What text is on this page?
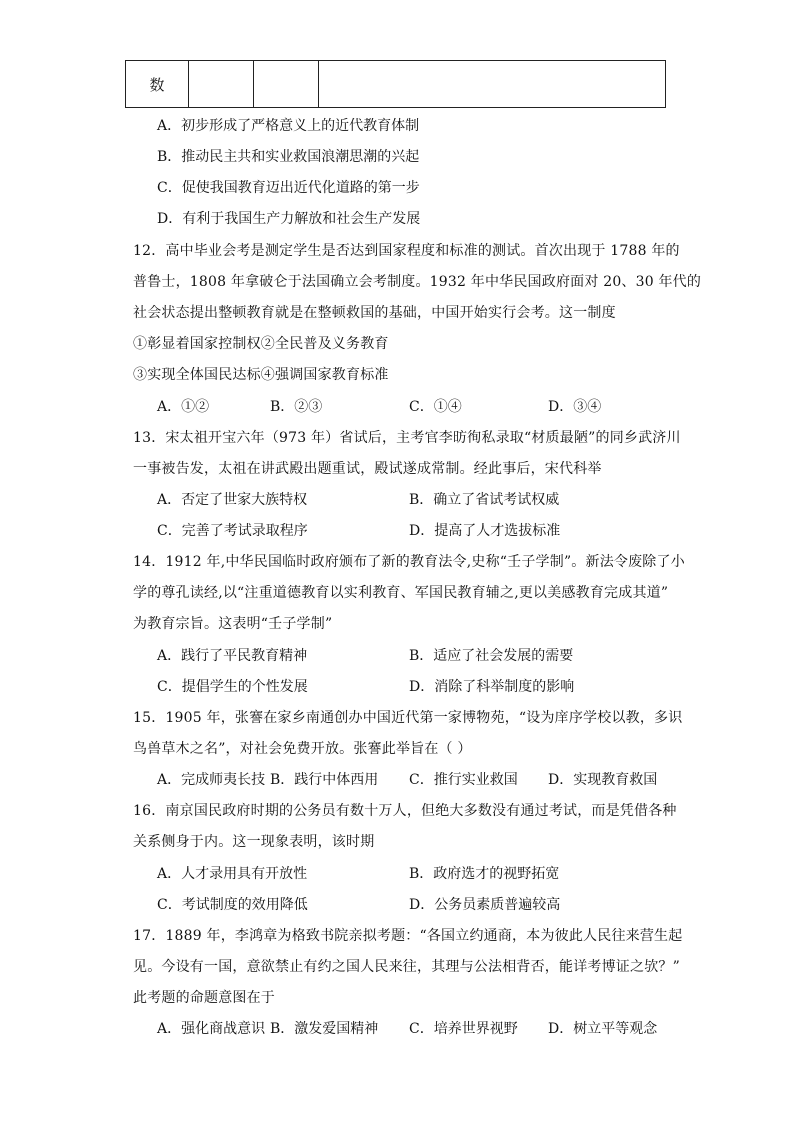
数			
A．初步形成了严格意义上的近代教育体制
B．推动民主共和实业救国浪潮思潮的兴起
C．促使我国教育迈出近代化道路的第一步
D．有利于我国生产力解放和社会生产发展
12．高中毕业会考是测定学生是否达到国家程度和标准的测试。首次出现于 1788 年的
普鲁士，1808 年拿破仑于法国确立会考制度。1932 年中华民国政府面对 20、30 年代的
社会状态提出整顿教育就是在整顿救国的基础，中国开始实行会考。这一制度
①彰显着国家控制权②全民普及义务教育
③实现全体国民达标④强调国家教育标准
A．①②	B．②③	C．①④	D．③④
13．宋太祖开宝六年（973 年）省试后，主考官李昉徇私录取“材质最陋”的同乡武济川
一事被告发，太祖在讲武殿出题重试，殿试遂成常制。经此事后，宋代科举
A．否定了世家大族特权	B．确立了省试考试权威
C．完善了考试录取程序	D．提高了人才选拔标准
14．1912 年,中华民国临时政府颁布了新的教育法令,史称“壬子学制”。新法令废除了小
学的尊孔读经,以“注重道德教育以实利教育、军国民教育辅之,更以美感教育完成其道”
为教育宗旨。这表明“壬子学制”
A．践行了平民教育精神	B．适应了社会发展的需要
C．提倡学生的个性发展	D．消除了科举制度的影响
15．1905 年，张謇在家乡南通创办中国近代第一家博物苑，“设为庠序学校以教，多识
鸟兽草木之名”，对社会免费开放。张謇此举旨在（ ）
A．完成师夷长技 B．践行中体西用 C．推行实业救国 D．实现教育救国
16．南京国民政府时期的公务员有数十万人，但绝大多数没有通过考试，而是凭借各种
关系侧身于内。这一现象表明，该时期
A．人才录用具有开放性	B．政府选才的视野拓宽
C．考试制度的效用降低	D．公务员素质普遍较高
17．1889 年，李鸿章为格致书院亲拟考题：“各国立约通商，本为彼此人民往来营生起
见。今设有一国，意欲禁止有约之国人民来往，其理与公法相背否，能详考博证之欤？”
此考题的命题意图在于
A．强化商战意识 B．激发爱国精神 C．培养世界视野 D．树立平等观念
